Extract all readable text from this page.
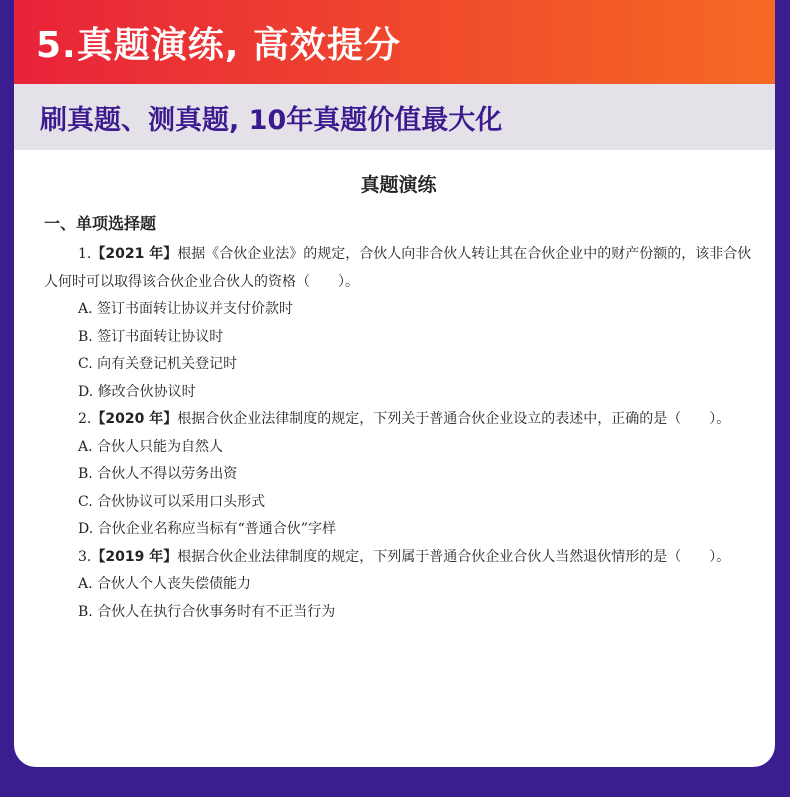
5.真题演练, 高效提分
刷真题、测真题, 10年真题价值最大化
真题演练
一、单项选择题

1.【2021 年】根据《合伙企业法》的规定，合伙人向非合伙人转让其在合伙企业中的财产份额的，该非合伙人何时可以取得该合伙企业合伙人的资格（　　）。

A. 签订书面转让协议并支付价款时

B. 签订书面转让协议时

C. 向有关登记机关登记时

D. 修改合伙协议时

2.【2020 年】根据合伙企业法律制度的规定，下列关于普通合伙企业设立的表述中，正确的是（　　）。

A. 合伙人只能为自然人

B. 合伙人不得以劳务出资

C. 合伙协议可以采用口头形式

D. 合伙企业名称应当标有“普通合伙”字样

3.【2019 年】根据合伙企业法律制度的规定，下列属于普通合伙企业合伙人当然退伙情形的是（　　）。

A. 合伙人个人丧失偿债能力

B. 合伙人在执行合伙事务时有不正当行为
